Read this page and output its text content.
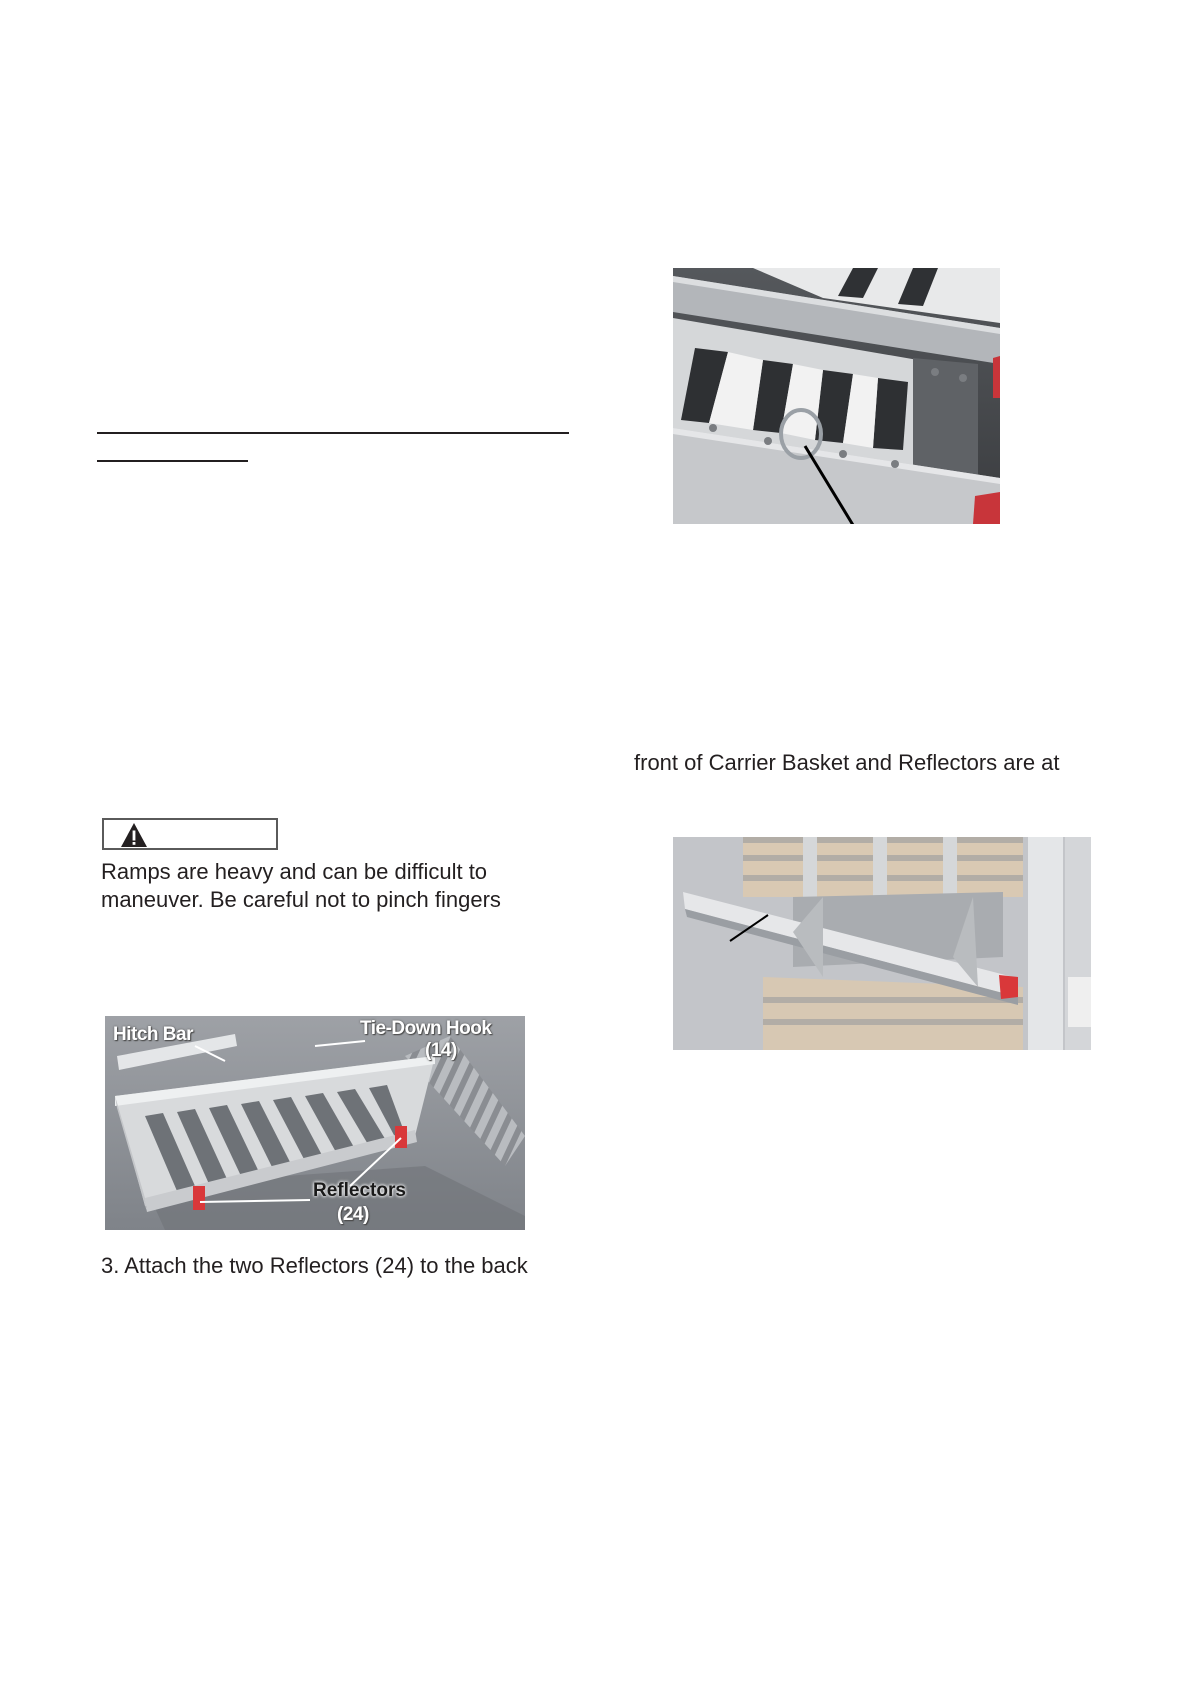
Ramps are heavy and can be difficult to
maneuver. Be careful not to pinch fingers
Hitch Bar	Tie-Down Hook
(14)
Reflectors
(24)
3. Attach the two Reflectors (24) to the back
front of Carrier Basket and Reflectors are at
